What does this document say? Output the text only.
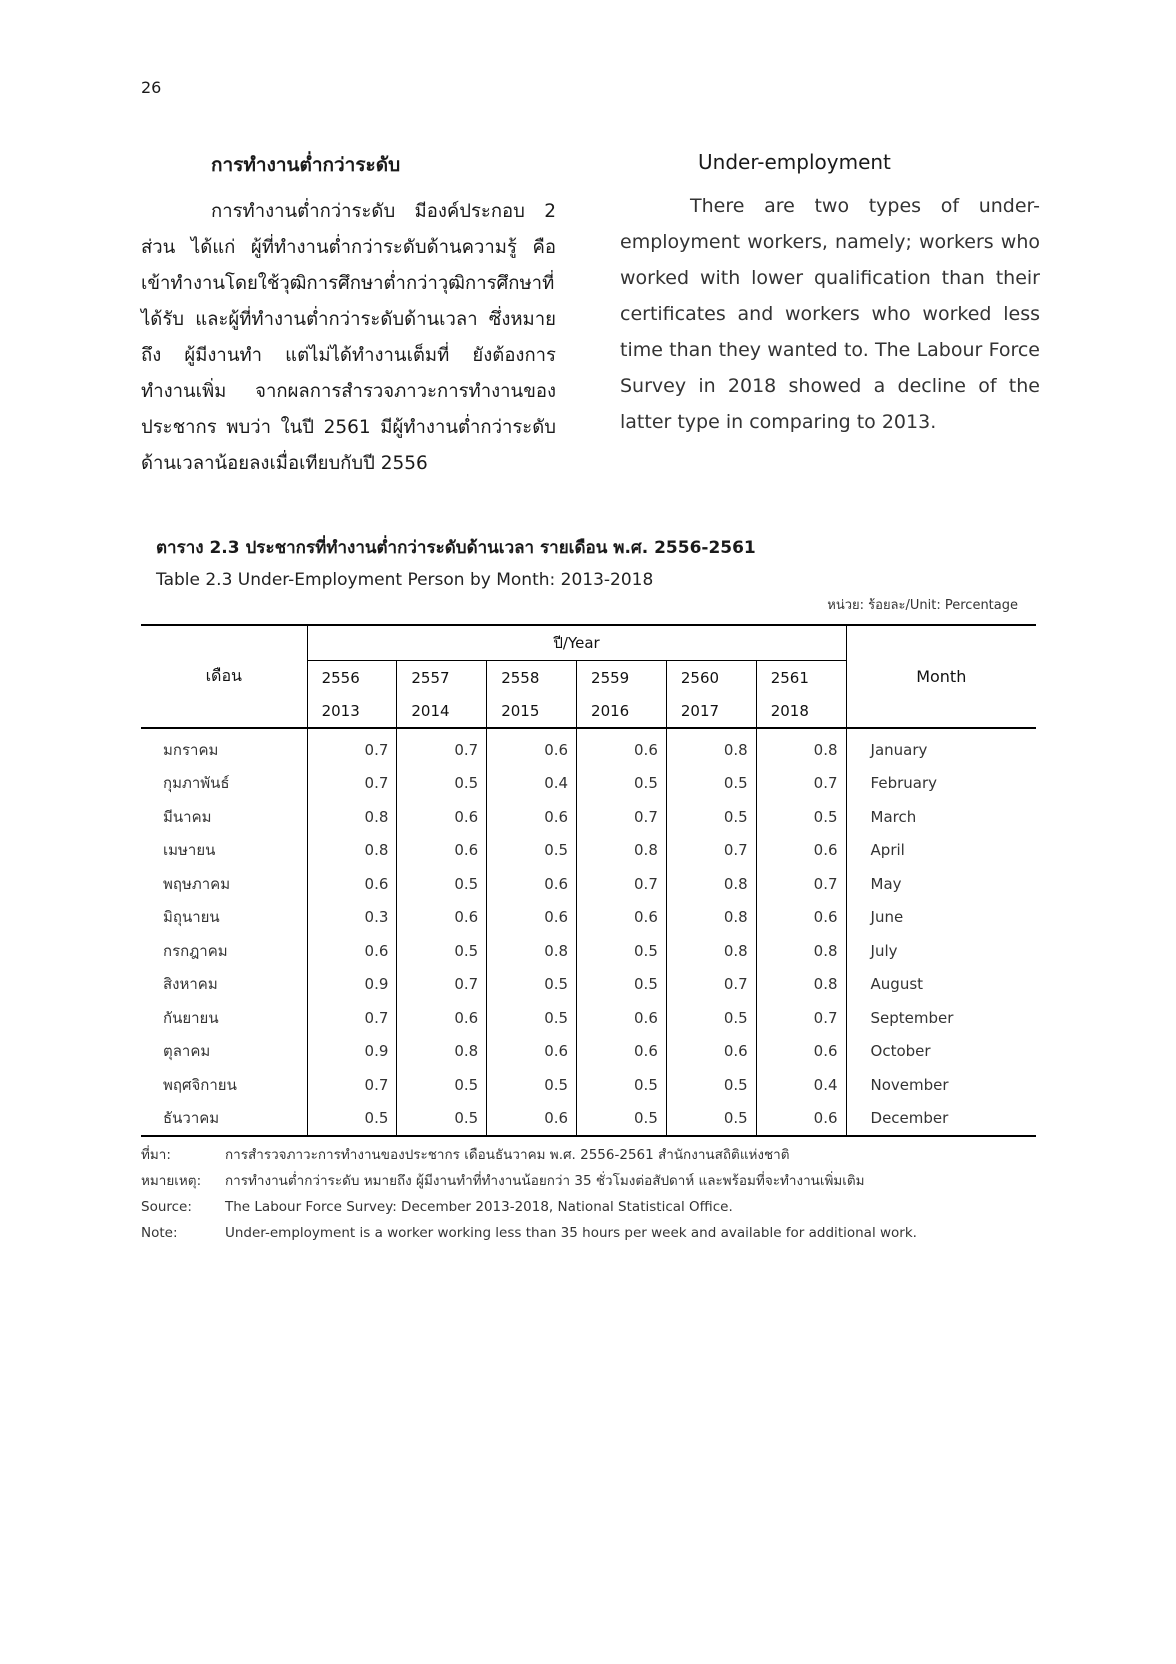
26
การทำงานต่ำกว่าระดับ

การทำงานต่ำกว่าระดับ มีองค์ประกอบ 2 ส่วน ได้แก่ ผู้ที่ทำงานต่ำกว่าระดับด้านความรู้ คือ เข้าทำงานโดยใช้วุฒิการศึกษาต่ำกว่าวุฒิการศึกษาที่ได้รับ และผู้ที่ทำงานต่ำกว่าระดับด้านเวลา ซึ่งหมายถึง ผู้มีงานทำ แต่ไม่ได้ทำงานเต็มที่ ยังต้องการทำงานเพิ่ม จากผลการสำรวจภาวะการทำงานของประชากร พบว่า ในปี 2561 มีผู้ทำงานต่ำกว่าระดับด้านเวลาน้อยลงเมื่อเทียบกับปี 2556

Under-employment

There are two types of under-employment workers, namely; workers who worked with lower qualification than their certificates and workers who worked less time than they wanted to. The Labour Force Survey in 2018 showed a decline of the latter type in comparing to 2013.

ตาราง 2.3 ประชากรที่ทำงานต่ำกว่าระดับด้านเวลา รายเดือน พ.ศ. 2556-2561
Table 2.3 Under-Employment Person by Month: 2013-2018
หน่วย: ร้อยละ/Unit: Percentage
เดือน	ปี/Year						Month
	2556	2557	2558	2559	2560	2561	
	2013	2014	2015	2016	2017	2018	
มกราคม	0.7	0.7	0.6	0.6	0.8	0.8	January
กุมภาพันธ์	0.7	0.5	0.4	0.5	0.5	0.7	February
มีนาคม	0.8	0.6	0.6	0.7	0.5	0.5	March
เมษายน	0.8	0.6	0.5	0.8	0.7	0.6	April
พฤษภาคม	0.6	0.5	0.6	0.7	0.8	0.7	May
มิถุนายน	0.3	0.6	0.6	0.6	0.8	0.6	June
กรกฎาคม	0.6	0.5	0.8	0.5	0.8	0.8	July
สิงหาคม	0.9	0.7	0.5	0.5	0.7	0.8	August
กันยายน	0.7	0.6	0.5	0.6	0.5	0.7	September
ตุลาคม	0.9	0.8	0.6	0.6	0.6	0.6	October
พฤศจิกายน	0.7	0.5	0.5	0.5	0.5	0.4	November
ธันวาคม	0.5	0.5	0.6	0.5	0.5	0.6	December
ที่มา:	การสำรวจภาวะการทำงานของประชากร เดือนธันวาคม พ.ศ. 2556-2561 สำนักงานสถิติแห่งชาติ
หมายเหตุ:	การทำงานต่ำกว่าระดับ หมายถึง ผู้มีงานทำที่ทำงานน้อยกว่า 35 ชั่วโมงต่อสัปดาห์ และพร้อมที่จะทำงานเพิ่มเติม
Source:	The Labour Force Survey: December 2013-2018, National Statistical Office.
Note:	Under-employment is a worker working less than 35 hours per week and available for additional work.
